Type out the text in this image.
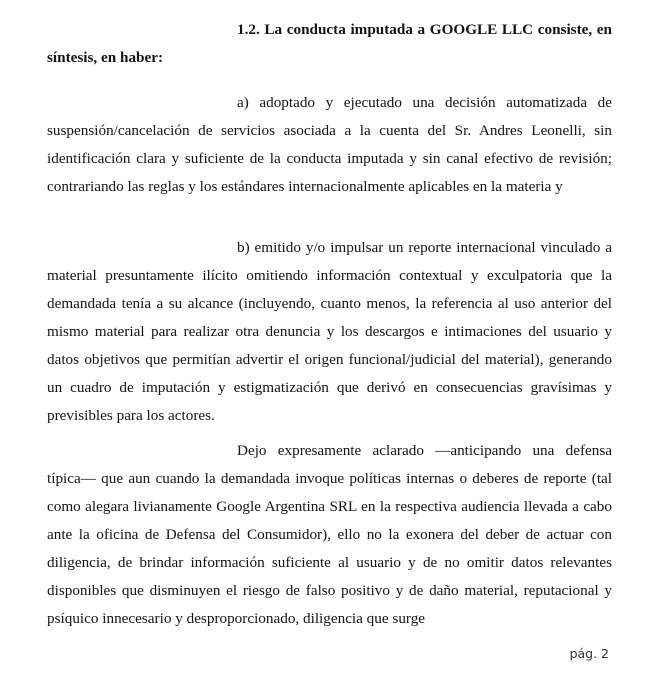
1.2. La conducta imputada a GOOGLE LLC consiste, en síntesis, en haber:
a) adoptado y ejecutado una decisión automatizada de suspensión/cancelación de servicios asociada a la cuenta del Sr. Andres Leonelli, sin identificación clara y suficiente de la conducta imputada y sin canal efectivo de revisión; contrariando las reglas y los estándares internacionalmente aplicables en la materia y
b) emitido y/o impulsar un reporte internacional vinculado a material presuntamente ilícito omitiendo información contextual y exculpatoria que la demandada tenía a su alcance (incluyendo, cuanto menos, la referencia al uso anterior del mismo material para realizar otra denuncia y los descargos e intimaciones del usuario y datos objetivos que permitían advertir el origen funcional/judicial del material), generando un cuadro de imputación y estigmatización que derivó en consecuencias gravísimas y previsibles para los actores.
Dejo expresamente aclarado —anticipando una defensa típica— que aun cuando la demandada invoque políticas internas o deberes de reporte (tal como alegara livianamente Google Argentina SRL en la respectiva audiencia llevada a cabo ante la oficina de Defensa del Consumidor), ello no la exonera del deber de actuar con diligencia, de brindar información suficiente al usuario y de no omitir datos relevantes disponibles que disminuyen el riesgo de falso positivo y de daño material, reputacional y psíquico innecesario y desproporcionado, diligencia que surge
pág. 2
